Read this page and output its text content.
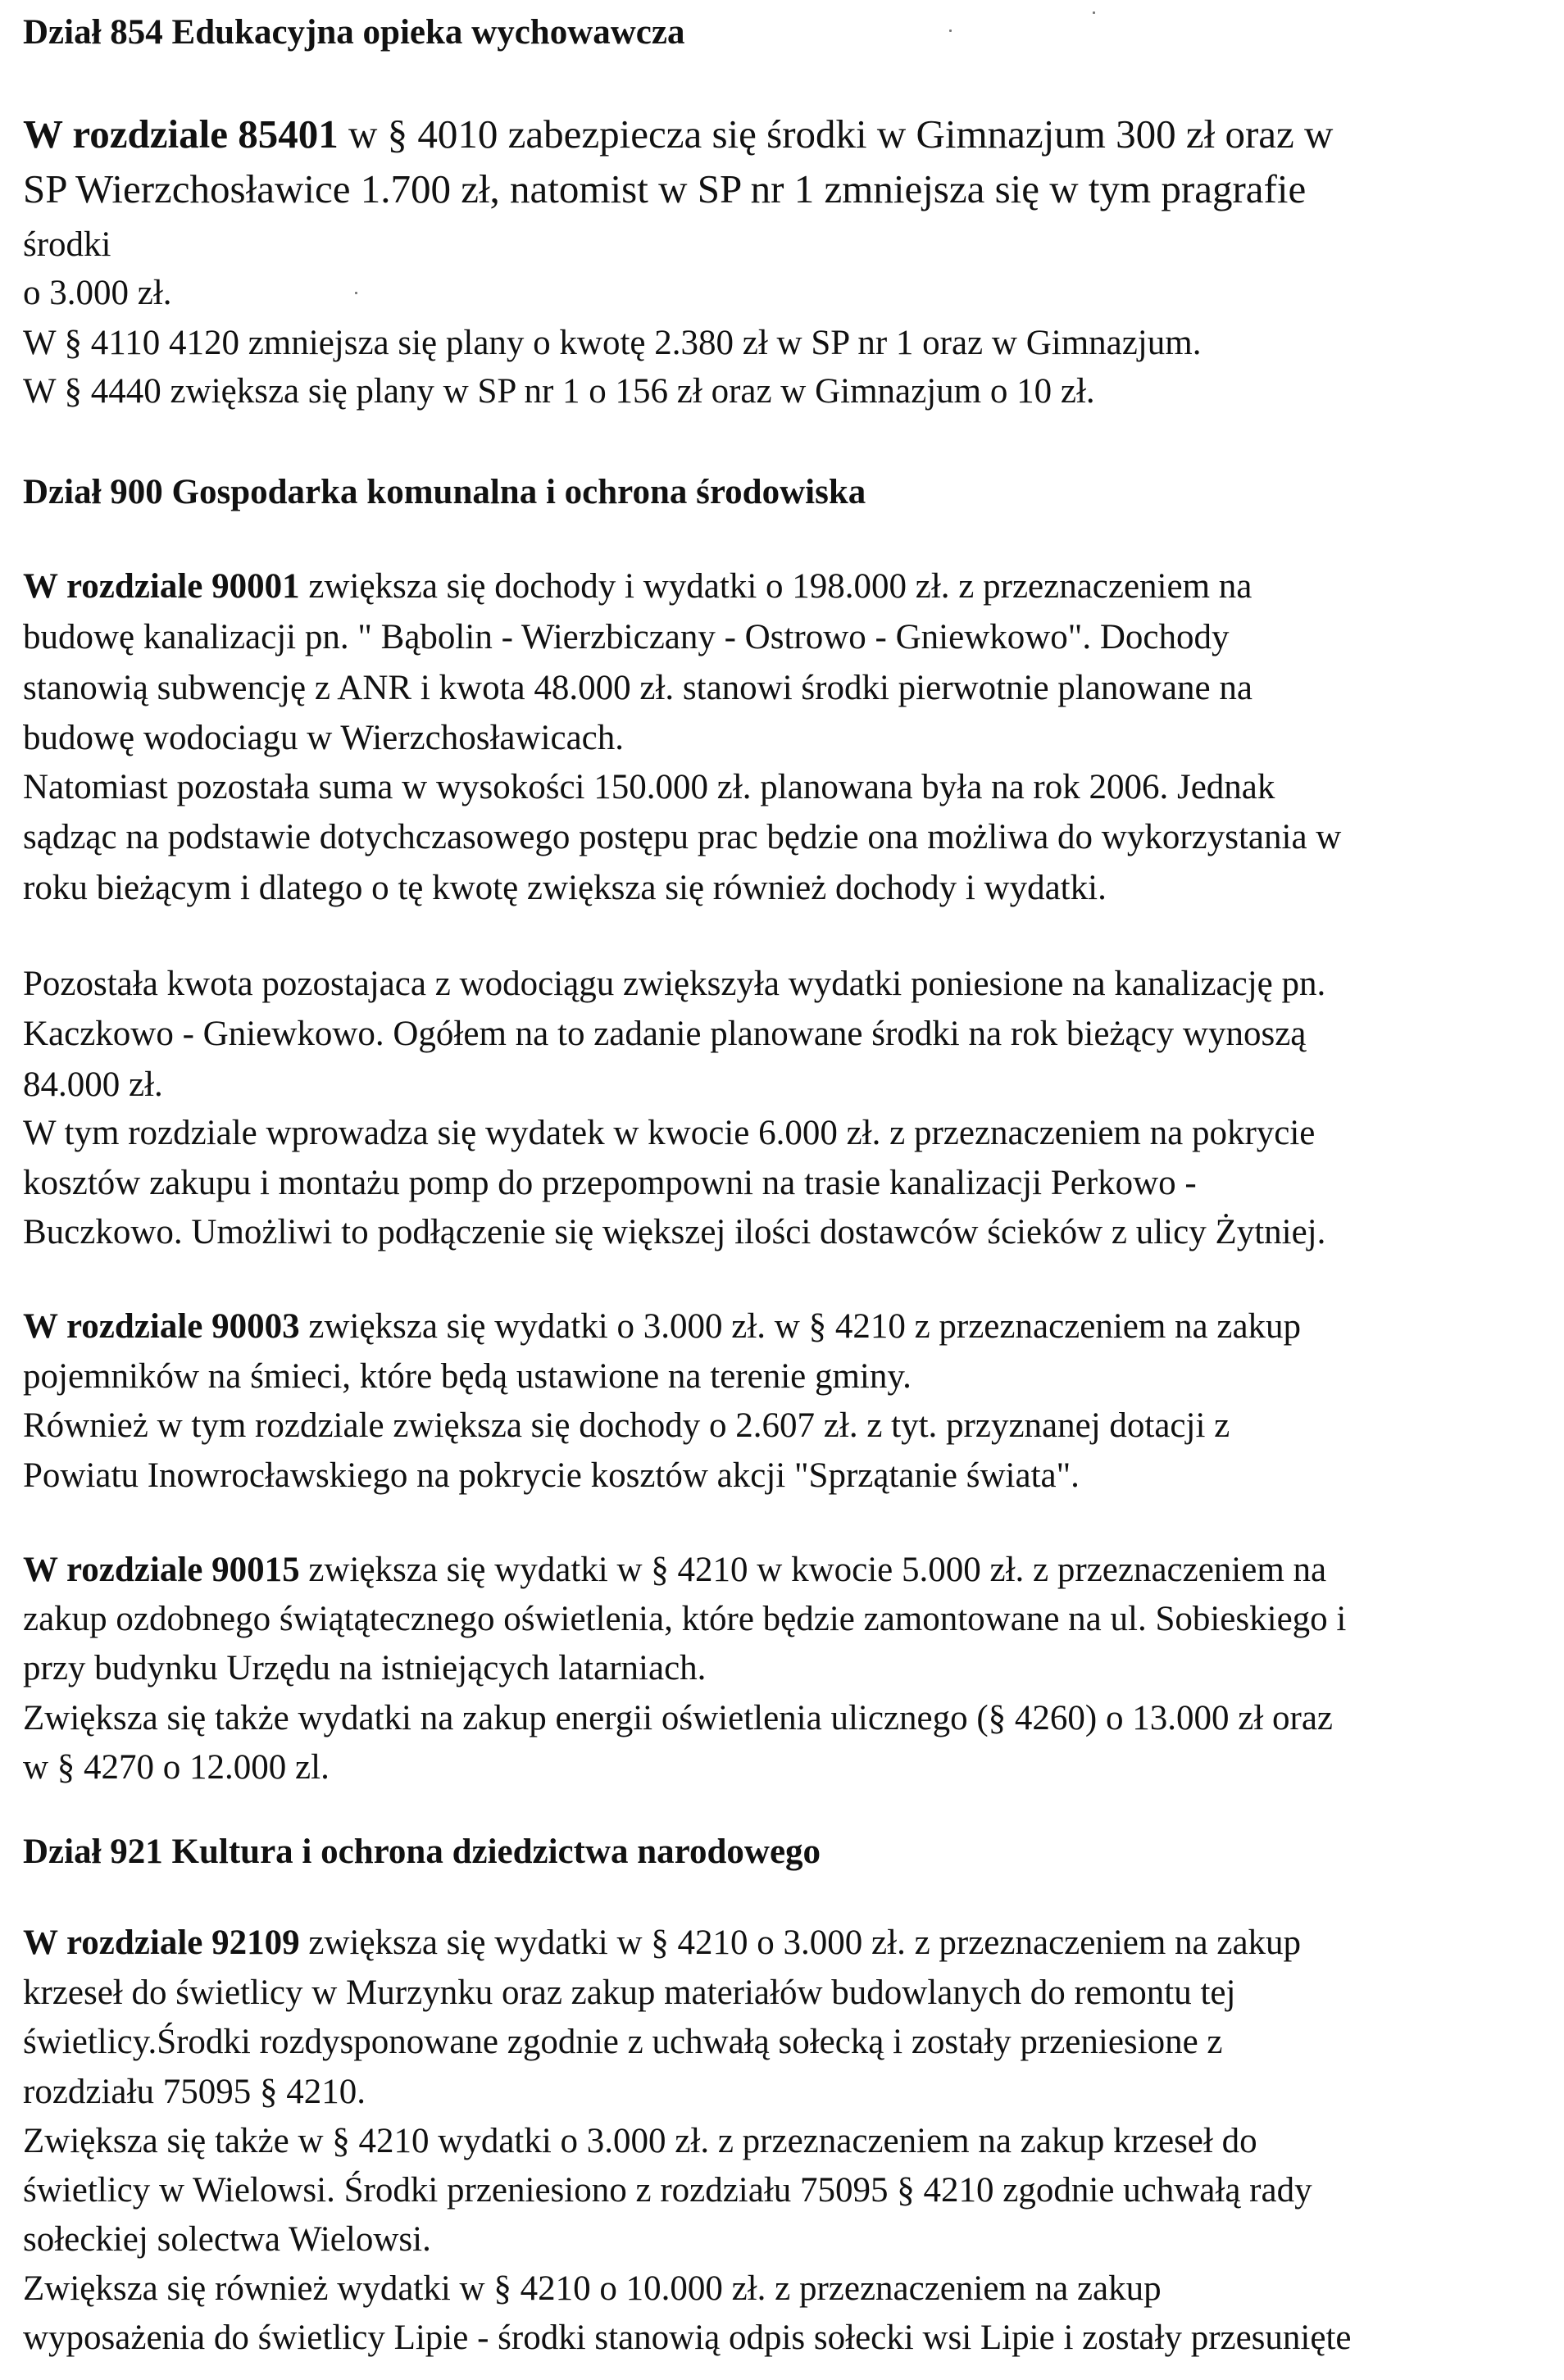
Dział 854 Edukacyjna opieka wychowawcza
W rozdziale 85401 w § 4010 zabezpiecza się środki w Gimnazjum 300 zł oraz w
SP Wierzchosławice 1.700 zł, natomist w SP nr 1 zmniejsza się w tym pragrafie
środki
o 3.000 zł.
W § 4110 4120 zmniejsza się plany o kwotę 2.380 zł w SP nr 1 oraz w Gimnazjum.
W § 4440 zwiększa się plany w SP nr 1 o 156 zł oraz w Gimnazjum o 10 zł.
Dział 900 Gospodarka komunalna i ochrona środowiska
W rozdziale 90001 zwiększa się dochody i wydatki o 198.000 zł. z przeznaczeniem na
budowę kanalizacji pn. " Bąbolin - Wierzbiczany - Ostrowo - Gniewkowo". Dochody
stanowią subwencję z ANR i kwota 48.000 zł. stanowi środki pierwotnie planowane na
budowę wodociagu w Wierzchosławicach.
Natomiast pozostała suma w wysokości 150.000 zł. planowana była na rok 2006. Jednak
sądząc na podstawie dotychczasowego postępu prac będzie ona możliwa do wykorzystania w
roku bieżącym i dlatego o tę kwotę zwiększa się również dochody i wydatki.
Pozostała kwota pozostajaca z wodociągu zwiększyła wydatki poniesione na kanalizację pn.
Kaczkowo - Gniewkowo. Ogółem na to zadanie planowane środki na rok bieżący wynoszą
84.000 zł.
W tym rozdziale wprowadza się wydatek w kwocie 6.000 zł. z przeznaczeniem na pokrycie
kosztów zakupu i montażu pomp do przepompowni na trasie kanalizacji Perkowo -
Buczkowo. Umożliwi to podłączenie się większej ilości dostawców ścieków z ulicy Żytniej.
W rozdziale 90003 zwiększa się wydatki o 3.000 zł. w § 4210 z przeznaczeniem na zakup
pojemników na śmieci, które będą ustawione na terenie gminy.
Również w tym rozdziale zwiększa się dochody o 2.607 zł. z tyt. przyznanej dotacji z
Powiatu Inowrocławskiego na pokrycie kosztów akcji "Sprzątanie świata".
W rozdziale 90015 zwiększa się wydatki w § 4210 w kwocie 5.000 zł. z przeznaczeniem na
zakup ozdobnego świątątecznego oświetlenia, które będzie zamontowane na ul. Sobieskiego i
przy budynku Urzędu na istniejących latarniach.
Zwiększa się także wydatki na zakup energii oświetlenia ulicznego (§ 4260) o 13.000 zł oraz
w § 4270 o 12.000 zl.
Dział 921 Kultura i ochrona dziedzictwa narodowego
W rozdziale 92109 zwiększa się wydatki w § 4210 o 3.000 zł. z przeznaczeniem na zakup
krzeseł do świetlicy w Murzynku oraz zakup materiałów budowlanych do remontu tej
świetlicy.Środki rozdysponowane zgodnie z uchwałą sołecką i zostały przeniesione z
rozdziału 75095 § 4210.
Zwiększa się także w § 4210 wydatki o 3.000 zł. z przeznaczeniem na zakup krzeseł do
świetlicy w Wielowsi. Środki przeniesiono z rozdziału 75095 § 4210 zgodnie uchwałą rady
sołeckiej solectwa Wielowsi.
Zwiększa się również wydatki w § 4210 o 10.000 zł. z przeznaczeniem na zakup
wyposażenia do świetlicy Lipie - środki stanowią odpis sołecki wsi Lipie i zostały przesunięte
